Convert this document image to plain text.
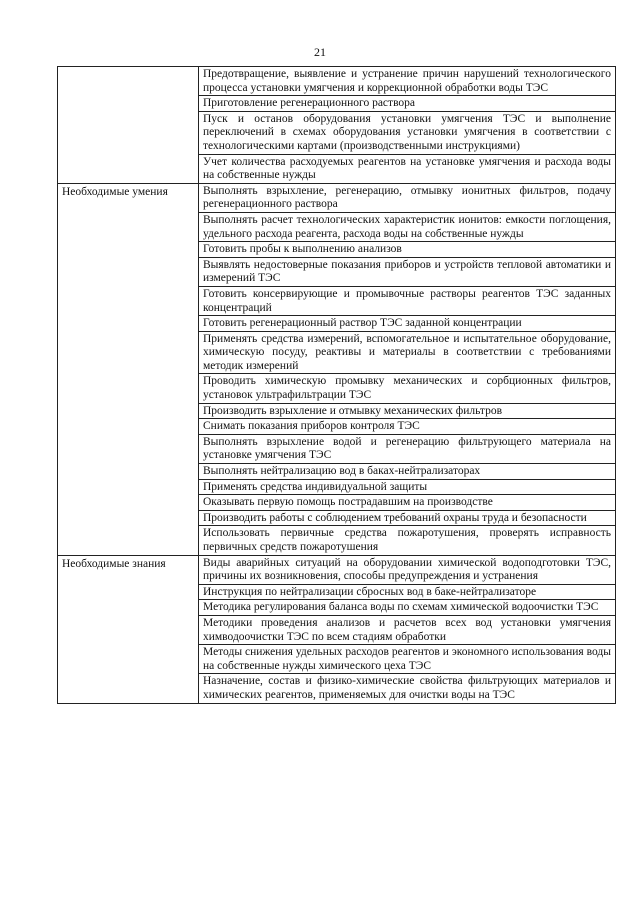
21
	Предотвращение, выявление и устранение причин нарушений технологического процесса установки умягчения и коррекционной обработки воды ТЭС
	Приготовление регенерационного раствора
	Пуск и останов оборудования установки умягчения ТЭС и выполнение переключений в схемах оборудования установки умягчения в соответствии с технологическими картами (производственными инструкциями)
	Учет количества расходуемых реагентов на установке умягчения и расхода воды на собственные нужды
Необходимые умения	Выполнять взрыхление, регенерацию, отмывку ионитных фильтров, подачу регенерационного раствора
	Выполнять расчет технологических характеристик ионитов: емкости поглощения, удельного расхода реагента, расхода воды на собственные нужды
	Готовить пробы к выполнению анализов
	Выявлять недостоверные показания приборов и устройств тепловой автоматики и измерений ТЭС
	Готовить консервирующие и промывочные растворы реагентов ТЭС заданных концентраций
	Готовить регенерационный раствор ТЭС заданной концентрации
	Применять средства измерений, вспомогательное и испытательное оборудование, химическую посуду, реактивы и материалы в соответствии с требованиями методик измерений
	Проводить химическую промывку механических и сорбционных фильтров, установок ультрафильтрации ТЭС
	Производить взрыхление и отмывку механических фильтров
	Снимать показания приборов контроля ТЭС
	Выполнять взрыхление водой и регенерацию фильтрующего материала на установке умягчения ТЭС
	Выполнять нейтрализацию вод в баках-нейтрализаторах
	Применять средства индивидуальной защиты
	Оказывать первую помощь пострадавшим на производстве
	Производить работы с соблюдением требований охраны труда и безопасности
	Использовать первичные средства пожаротушения, проверять исправность первичных средств пожаротушения
Необходимые знания	Виды аварийных ситуаций на оборудовании химической водоподготовки ТЭС, причины их возникновения, способы предупреждения и устранения
	Инструкция по нейтрализации сбросных вод в баке-нейтрализаторе
	Методика регулирования баланса воды по схемам химической водоочистки ТЭС
	Методики проведения анализов и расчетов всех вод установки умягчения химводоочистки ТЭС по всем стадиям обработки
	Методы снижения удельных расходов реагентов и экономного использования воды на собственные нужды химического цеха ТЭС
	Назначение, состав и физико-химические свойства фильтрующих материалов и химических реагентов, применяемых для очистки воды на ТЭС
